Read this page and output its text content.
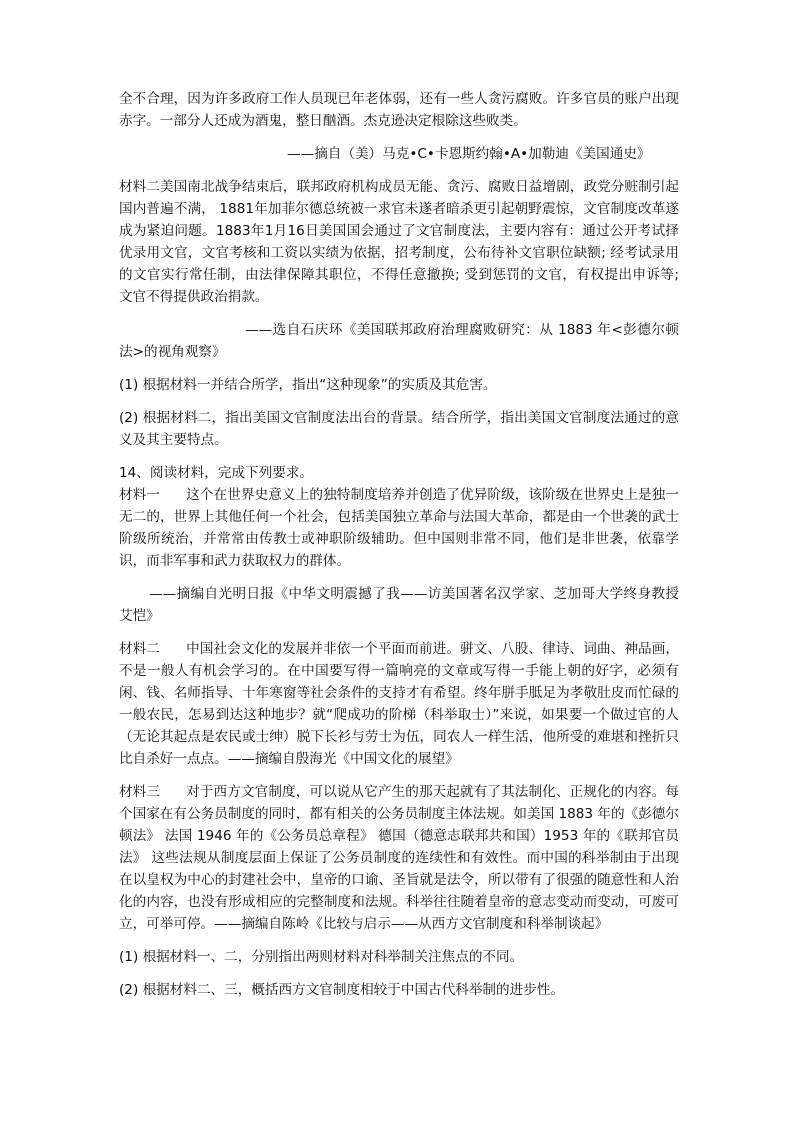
全不合理，因为许多政府工作人员现已年老体弱，还有一些人贪污腐败。许多官员的账户出现赤字。一部分人还成为酒鬼，整日酗酒。杰克逊决定根除这些败类。

——摘自（美）马克•C•卡恩斯约翰•A•加勒迪《美国通史》

材料二美国南北战争结束后，联邦政府机构成员无能、贪污、腐败日益增剧，政党分赃制引起国内普遍不满， 1881年加菲尔德总统被一求官未遂者暗杀更引起朝野震惊，文官制度改革遂成为紧迫问题。1883年1月16日美国国会通过了文官制度法，主要内容有：通过公开考试择优录用文官，文官考核和工资以实绩为依据，招考制度，公布待补文官职位缺额; 经考试录用的文官实行常任制，由法律保障其职位，不得任意撤换; 受到惩罚的文官，有权提出申诉等; 文官不得提供政治捐款。

——选自石庆环《美国联邦政府治理腐败研究：从 1883 年<彭德尔顿法>的视角观察》

(1) 根据材料一并结合所学，指出“这种现象”的实质及其危害。

(2) 根据材料二，指出美国文官制度法出台的背景。结合所学，指出美国文官制度法通过的意义及其主要特点。

14、阅读材料，完成下列要求。

材料一 这个在世界史意义上的独特制度培养并创造了优异阶级，该阶级在世界史上是独一无二的，世界上其他任何一个社会，包括美国独立革命与法国大革命，都是由一个世袭的武士阶级所统治，并常常由传教士或神职阶级辅助。但中国则非常不同，他们是非世袭，依靠学识，而非军事和武力获取权力的群体。

——摘编自光明日报《中华文明震撼了我——访美国著名汉学家、芝加哥大学终身教授艾恺》

材料二 中国社会文化的发展并非依一个平面而前进。骈文、八股、律诗、词曲、神品画，不是一般人有机会学习的。在中国要写得一篇响亮的文章或写得一手能上朝的好字，必须有闲、钱、名师指导、十年寒窗等社会条件的支持才有希望。终年胼手胝足为孝敬肚皮而忙碌的一般农民，怎易到达这种地步？就“爬成功的阶梯（科举取士）”来说，如果要一个做过官的人（无论其起点是农民或士绅）脱下长衫与劳士为伍，同农人一样生活，他所受的难堪和挫折只比自杀好一点点。——摘编自殷海光《中国文化的展望》

材料三 对于西方文官制度，可以说从它产生的那天起就有了其法制化、正规化的内容。每个国家在有公务员制度的同时，都有相关的公务员制度主体法规。如美国 1883 年的《彭德尔顿法》 法国 1946 年的《公务员总章程》 德国（德意志联邦共和国）1953 年的《联邦官员法》 这些法规从制度层面上保证了公务员制度的连续性和有效性。而中国的科举制由于出现在以皇权为中心的封建社会中，皇帝的口谕、圣旨就是法令，所以带有了很强的随意性和人治化的内容，也没有形成相应的完整制度和法规。科举往往随着皇帝的意志变动而变动，可废可立，可举可停。——摘编自陈岭《比较与启示——从西方文官制度和科举制谈起》

(1) 根据材料一、二，分别指出两则材料对科举制关注焦点的不同。

(2) 根据材料二、三，概括西方文官制度相较于中国古代科举制的进步性。
